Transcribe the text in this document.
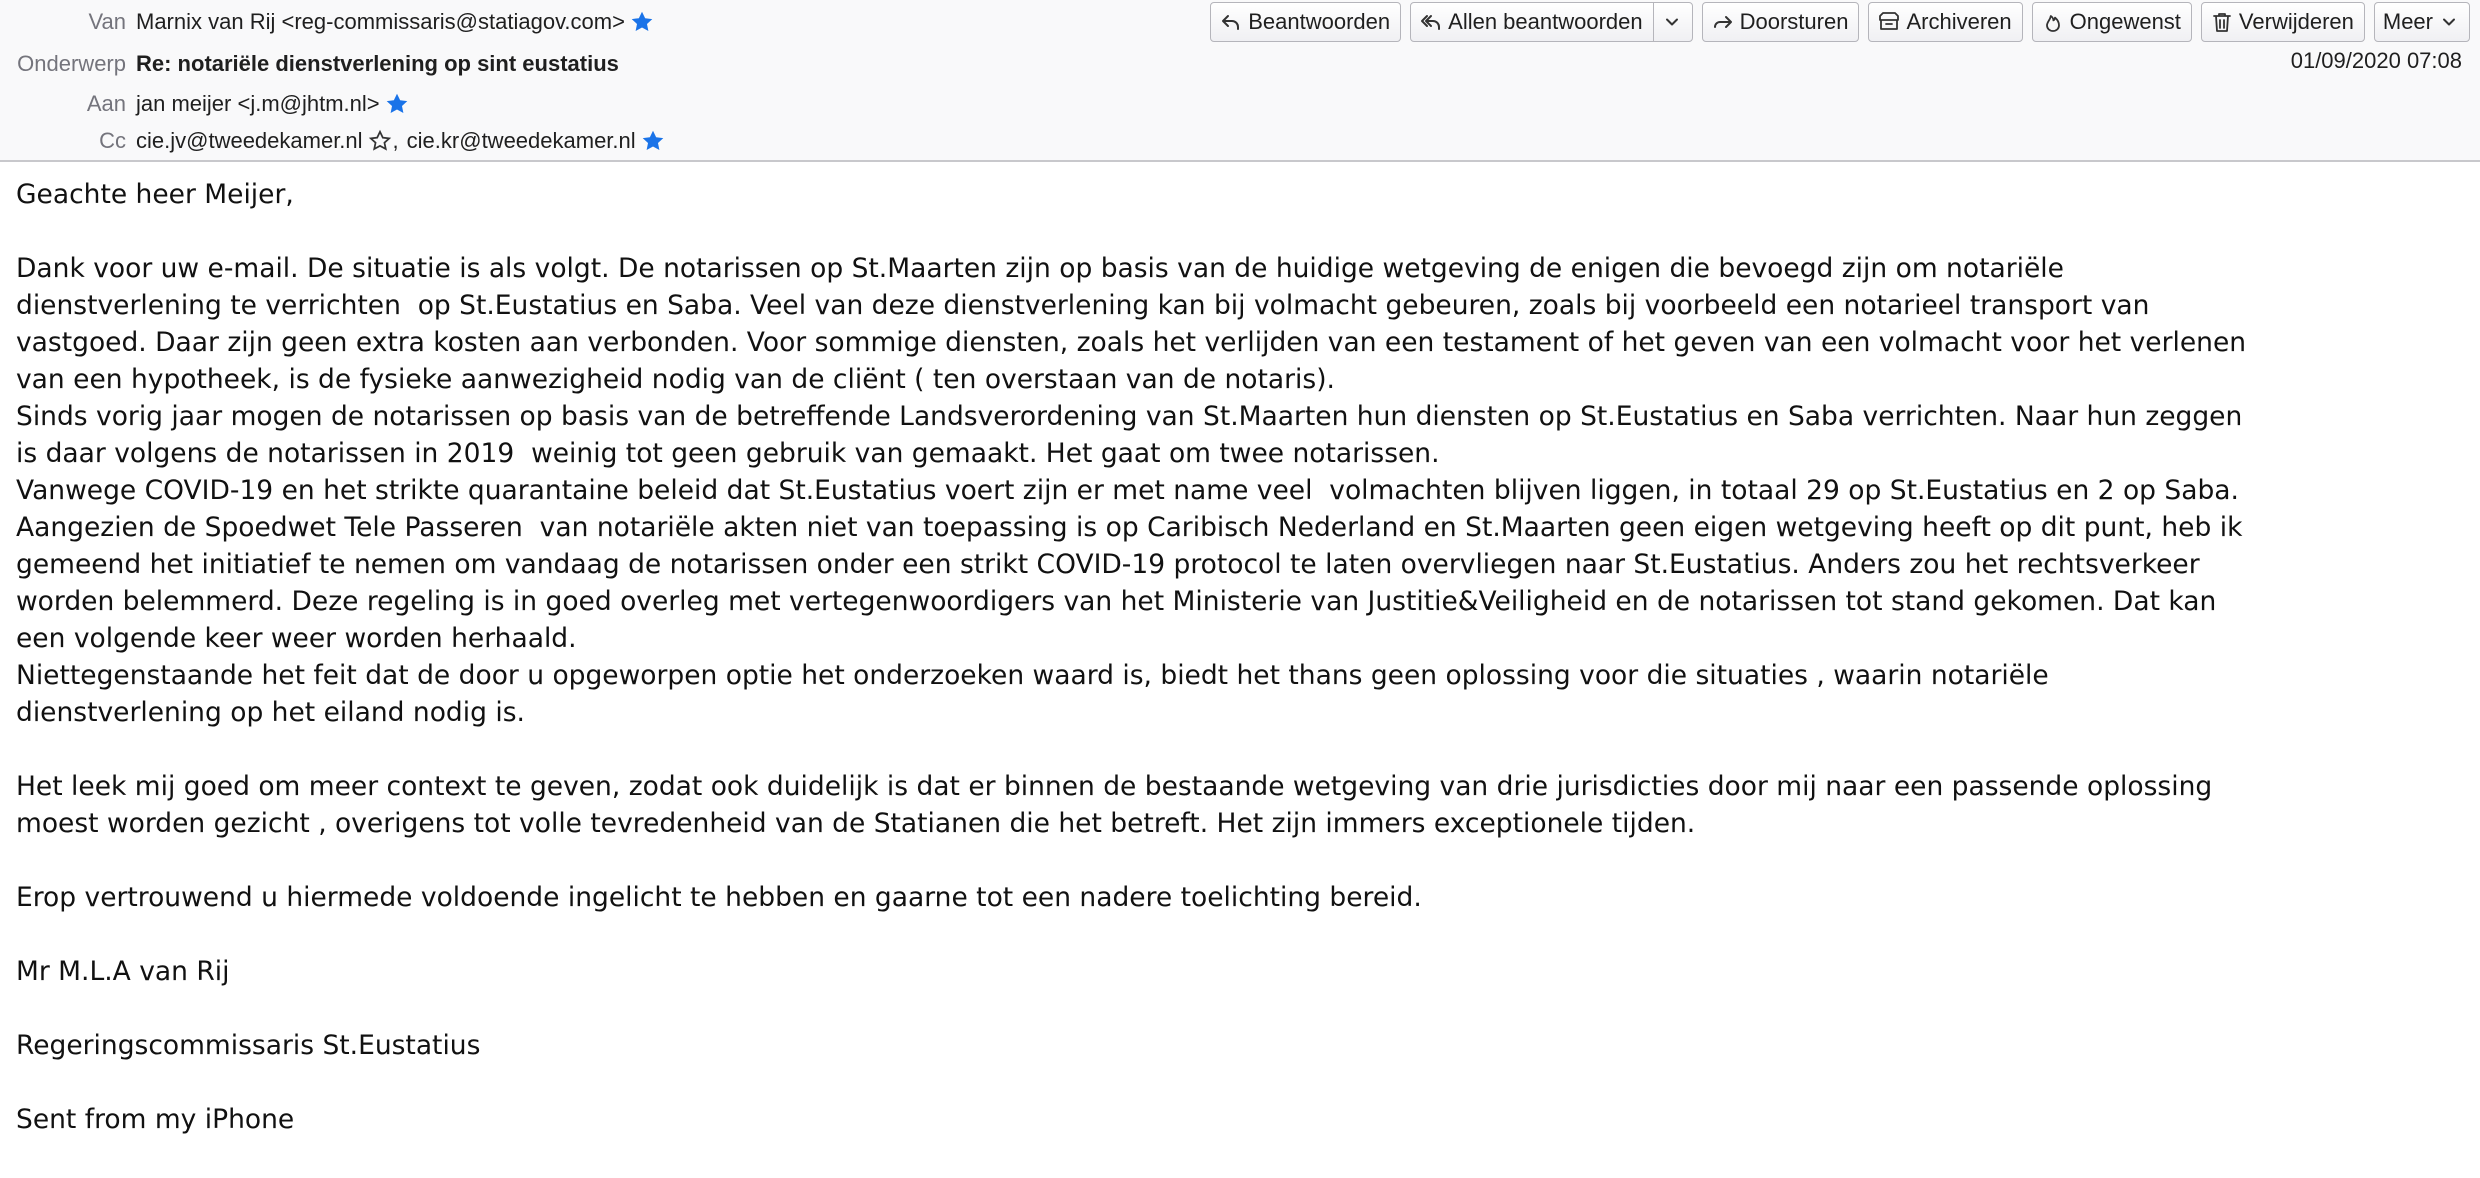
Van Marnix van Rij <reg-commissaris@statiagov.com>
Onderwerp Re: notariële dienstverlening op sint eustatius
Aan jan meijer <j.m@jhtm.nl>
Cc cie.jv@tweedekamer.nl , cie.kr@tweedekamer.nl
01/09/2020 07:08
Beantwoorden	Allen beantwoorden	Doorsturen	Archiveren	Ongewenst	Verwijderen Meer

Geachte heer Meijer,

Dank voor uw e-mail. De situatie is als volgt. De notarissen op St.Maarten zijn op basis van de huidige wetgeving de enigen die bevoegd zijn om notariële

dienstverlening te verrichten  op St.Eustatius en Saba. Veel van deze dienstverlening kan bij volmacht gebeuren, zoals bij voorbeeld een notarieel transport van

vastgoed. Daar zijn geen extra kosten aan verbonden. Voor sommige diensten, zoals het verlijden van een testament of het geven van een volmacht voor het verlenen

van een hypotheek, is de fysieke aanwezigheid nodig van de cliënt ( ten overstaan van de notaris).

Sinds vorig jaar mogen de notarissen op basis van de betreffende Landsverordening van St.Maarten hun diensten op St.Eustatius en Saba verrichten. Naar hun zeggen

is daar volgens de notarissen in 2019  weinig tot geen gebruik van gemaakt. Het gaat om twee notarissen.

Vanwege COVID-19 en het strikte quarantaine beleid dat St.Eustatius voert zijn er met name veel  volmachten blijven liggen, in totaal 29 op St.Eustatius en 2 op Saba.

Aangezien de Spoedwet Tele Passeren  van notariële akten niet van toepassing is op Caribisch Nederland en St.Maarten geen eigen wetgeving heeft op dit punt, heb ik

gemeend het initiatief te nemen om vandaag de notarissen onder een strikt COVID-19 protocol te laten overvliegen naar St.Eustatius. Anders zou het rechtsverkeer

worden belemmerd. Deze regeling is in goed overleg met vertegenwoordigers van het Ministerie van Justitie&Veiligheid en de notarissen tot stand gekomen. Dat kan

een volgende keer weer worden herhaald.

Niettegenstaande het feit dat de door u opgeworpen optie het onderzoeken waard is, biedt het thans geen oplossing voor die situaties , waarin notariële

dienstverlening op het eiland nodig is.

Het leek mij goed om meer context te geven, zodat ook duidelijk is dat er binnen de bestaande wetgeving van drie jurisdicties door mij naar een passende oplossing

moest worden gezicht , overigens tot volle tevredenheid van de Statianen die het betreft. Het zijn immers exceptionele tijden.

Erop vertrouwend u hiermede voldoende ingelicht te hebben en gaarne tot een nadere toelichting bereid.

Mr M.L.A van Rij

Regeringscommissaris St.Eustatius

Sent from my iPhone
